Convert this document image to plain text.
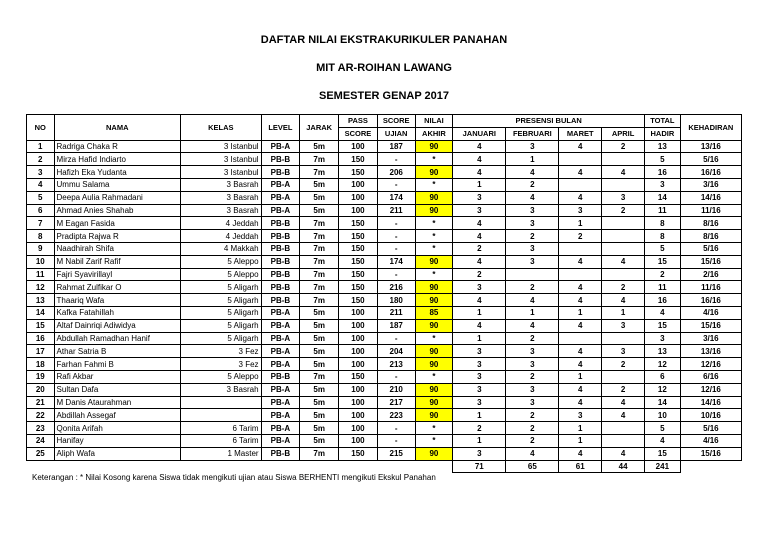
DAFTAR NILAI EKSTRAKURIKULER PANAHAN
MIT AR-ROIHAN LAWANG
SEMESTER GENAP 2017
NO	NAMA	KELAS	LEVEL	JARAK	PASS	SCORE	NILAI	PRESENSI BULAN				TOTAL	KEHADIRAN
					SCORE	UJIAN	AKHIR	JANUARI	FEBRUARI	MARET	APRIL	HADIR	
1	Radriga Chaka R	3 Istanbul	PB-A	5m	100	187	90	4	3	4	2	13	13/16
2	Mirza Hafid Indiarto	3 Istanbul	PB-B	7m	150	-	*	4	1			5	5/16
3	Hafizh Eka Yudanta	3 Istanbul	PB-B	7m	150	206	90	4	4	4	4	16	16/16
4	Ummu Salama	3 Basrah	PB-A	5m	100	-	*	1	2			3	3/16
5	Deepa Aulia Rahmadani	3 Basrah	PB-A	5m	100	174	90	3	4	4	3	14	14/16
6	Ahmad Anies Shahab	3 Basrah	PB-A	5m	100	211	90	3	3	3	2	11	11/16
7	M Eagan Fasida	4 Jeddah	PB-B	7m	150	-	*	4	3	1		8	8/16
8	Pradipta Rajwa R	4 Jeddah	PB-B	7m	150	-	*	4	2	2		8	8/16
9	Naadhirah Shifa	4 Makkah	PB-B	7m	150	-	*	2	3			5	5/16
10	M Nabil Zarif Rafif	5 Aleppo	PB-B	7m	150	174	90	4	3	4	4	15	15/16
11	Fajri Syavirillayl	5 Aleppo	PB-B	7m	150	-	*	2				2	2/16
12	Rahmat Zulfikar O	5 Aligarh	PB-B	7m	150	216	90	3	2	4	2	11	11/16
13	Thaariq Wafa	5 Aligarh	PB-B	7m	150	180	90	4	4	4	4	16	16/16
14	Kafka Fatahillah	5 Aligarh	PB-A	5m	100	211	85	1	1	1	1	4	4/16
15	Altaf Dainriqi Adiwidya	5 Aligarh	PB-A	5m	100	187	90	4	4	4	3	15	15/16
16	Abdullah Ramadhan Hanif	5 Aligarh	PB-A	5m	100	-	*	1	2			3	3/16
17	Athar Satria B	3 Fez	PB-A	5m	100	204	90	3	3	4	3	13	13/16
18	Farhan Fahmi B	3 Fez	PB-A	5m	100	213	90	3	3	4	2	12	12/16
19	Rafi Akbar	5 Aleppo	PB-B	7m	150	-	*	3	2	1		6	6/16
20	Sultan Dafa	3 Basrah	PB-A	5m	100	210	90	3	3	4	2	12	12/16
21	M Danis Ataurahman		PB-A	5m	100	217	90	3	3	4	4	14	14/16
22	Abdillah Assegaf		PB-A	5m	100	223	90	1	2	3	4	10	10/16
23	Qonita Arifah	6 Tarim	PB-A	5m	100	-	*	2	2	1		5	5/16
24	Hanifay	6 Tarim	PB-A	5m	100	-	*	1	2	1		4	4/16
25	Aliph Wafa	1 Master	PB-B	7m	150	215	90	3	4	4	4	15	15/16
								71	65	61	44	241	
Keterangan : * Nilai Kosong karena Siswa tidak mengikuti ujian atau Siswa BERHENTI mengikuti Ekskul Panahan
